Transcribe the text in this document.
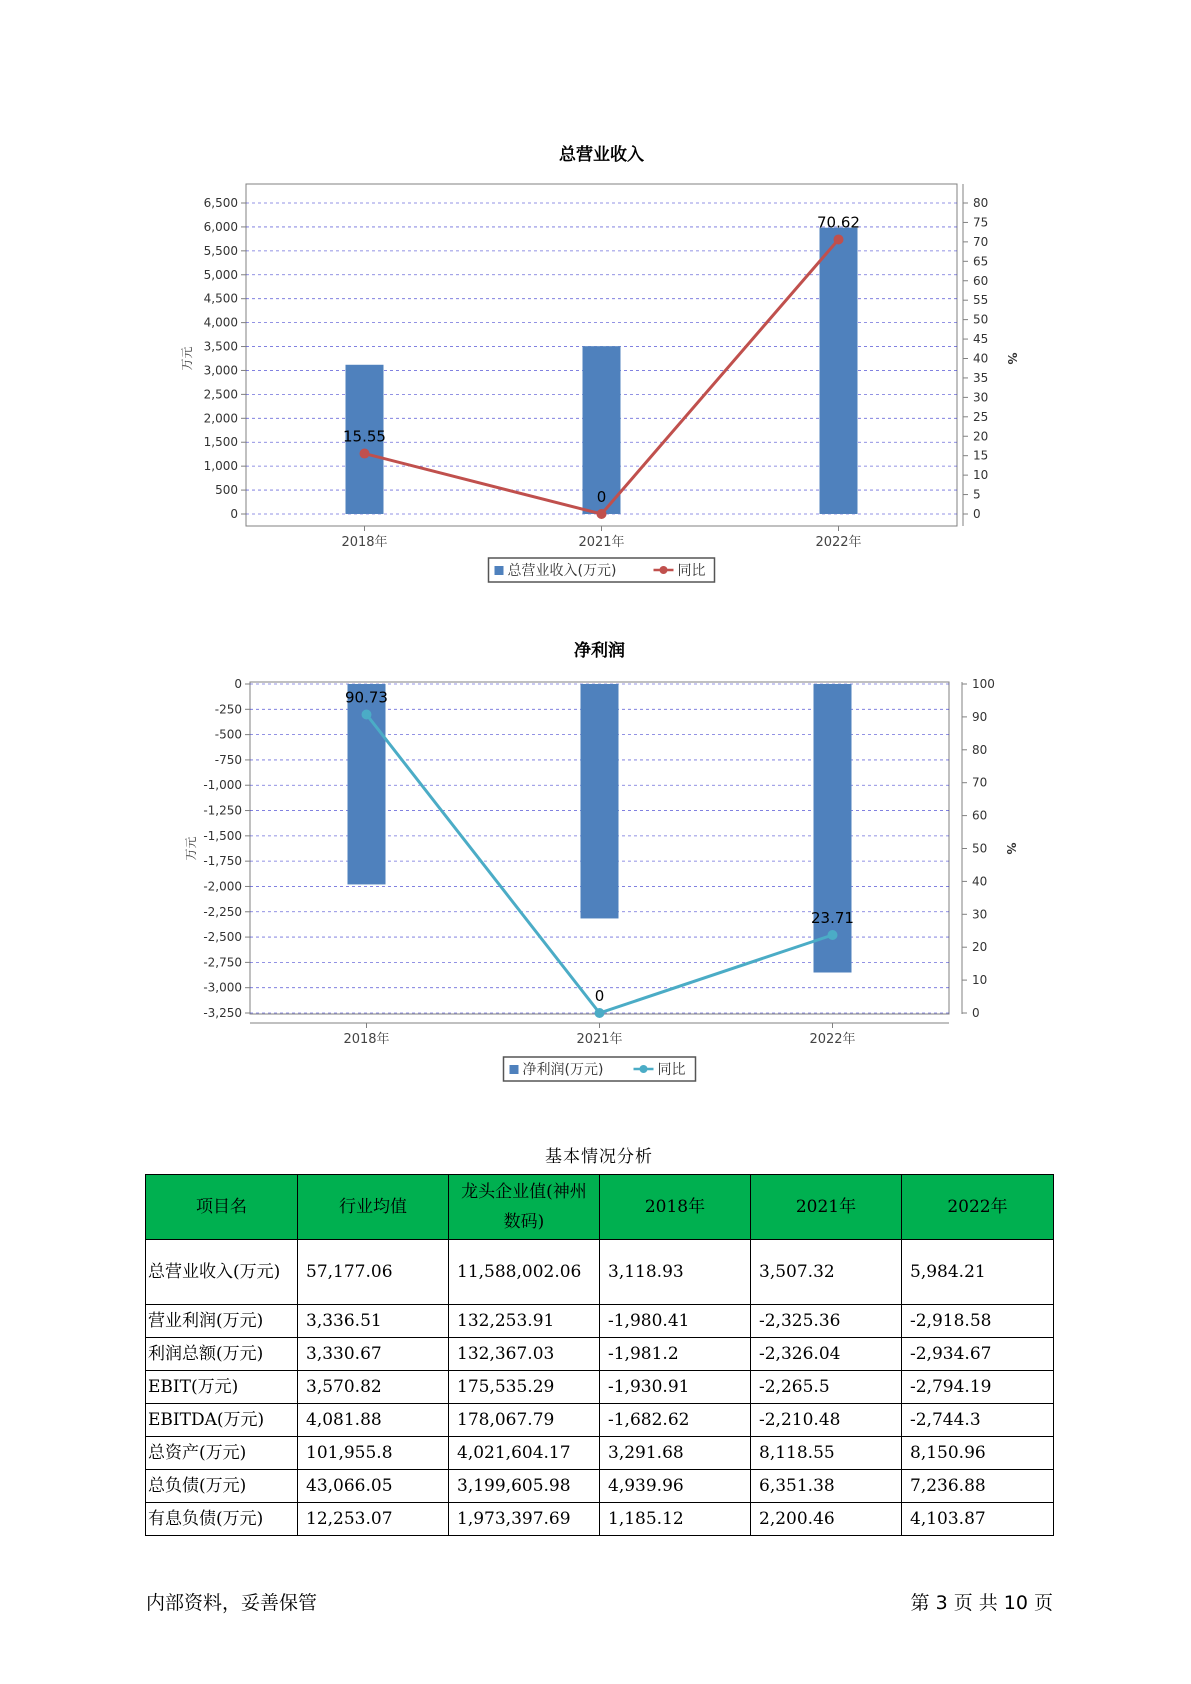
总营业收入
0
500
1,000
1,500
2,000
2,500
3,000
3,500
4,000
4,500
5,000
5,500
6,000
6,500
0
5
10
15
20
25
30
35
40
45
50
55
60
65
70
75
80
万元	%
2018年	2021年	2022年
15.55
0
70.62
总营业收入(万元)	同比
净利润
0
-250
-500
-750
-1,000
-1,250
-1,500
-1,750
-2,000
-2,250
-2,500
-2,750
-3,000
-3,250	0
10
20
30
40
50
60
70
80
90
100
万元	%
2018年	2021年	2022年
90.73
0
23.71
净利润(万元)	同比
基本情况分析
项目名	行业均值	龙头企业值(神州数码)	2018年	2021年	2022年
总营业收入(万元)	57,177.06	11,588,002.06	3,118.93	3,507.32	5,984.21
营业利润(万元)	3,336.51	132,253.91	-1,980.41	-2,325.36	-2,918.58
利润总额(万元)	3,330.67	132,367.03	-1,981.2	-2,326.04	-2,934.67
EBIT(万元)	3,570.82	175,535.29	-1,930.91	-2,265.5	-2,794.19
EBITDA(万元)	4,081.88	178,067.79	-1,682.62	-2,210.48	-2,744.3
总资产(万元)	101,955.8	4,021,604.17	3,291.68	8,118.55	8,150.96
总负债(万元)	43,066.05	3,199,605.98	4,939.96	6,351.38	7,236.88
有息负债(万元)	12,253.07	1,973,397.69	1,185.12	2,200.46	4,103.87
内部资料，妥善保管	第 3 页 共 10 页
